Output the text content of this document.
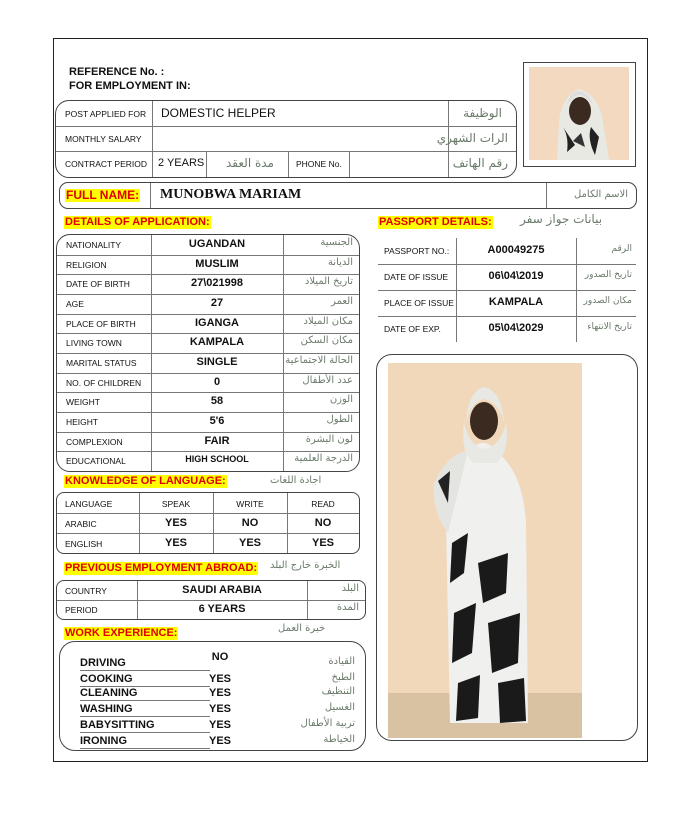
REFERENCE No. :
FOR EMPLOYMENT IN:
POST APPLIED FOR DOMESTIC HELPER	الوظيفة
MONTHLY SALARY	الرات الشهري
CONTRACT PERIOD 2 YEARS مدة العقد	PHONE No.	رقم الهاتف
FULL NAME: MUNOBWA MARIAM	الاسم الكامل
DETAILS OF APPLICATION:
NATIONALITY	UGANDAN	الجنسية
RELIGION	MUSLIM	الديانة
DATE OF BIRTH	27\021998	تاريخ الميلاد
AGE	27	العمر
PLACE OF BIRTH	IGANGA	مكان الميلاد
LIVING TOWN	KAMPALA	مكان السكن
MARITAL STATUS	SINGLE	الحالة الاجتماعية
NO. OF CHILDREN	0	عدد الأطفال
WEIGHT	58	الوزن
HEIGHT	5'6	الطول
COMPLEXION	FAIR	لون البشرة
EDUCATIONAL	HIGH SCHOOL	الدرجة العلمية
PASSPORT DETAILS: بيانات جواز سفر
PASSPORT NO.:	A00049275	الرقم
DATE OF ISSUE	06\04\2019	تاريخ الصدور
PLACE OF ISSUE	KAMPALA	مكان الصدور
DATE OF EXP.	05\04\2029	تاريخ الانتهاء
KNOWLEDGE OF LANGUAGE:	اجادة اللغات
LANGUAGE	SPEAK	WRITE	READ
ARABIC	YES	NO	NO
ENGLISH	YES	YES	YES
PREVIOUS EMPLOYMENT ABROAD: الخبرة خارج البلد
COUNTRY	SAUDI ARABIA	البلد
PERIOD	6 YEARS	المدة
WORK EXPERIENCE:	خبرة العمل
DRIVING	NO	القيادة
COOKING	YES	الطبخ
CLEANING	YES	التنظيف
WASHING	YES	الغسيل
BABYSITTING	YES	تربية الأطفال
IRONING	YES	الخياطة
